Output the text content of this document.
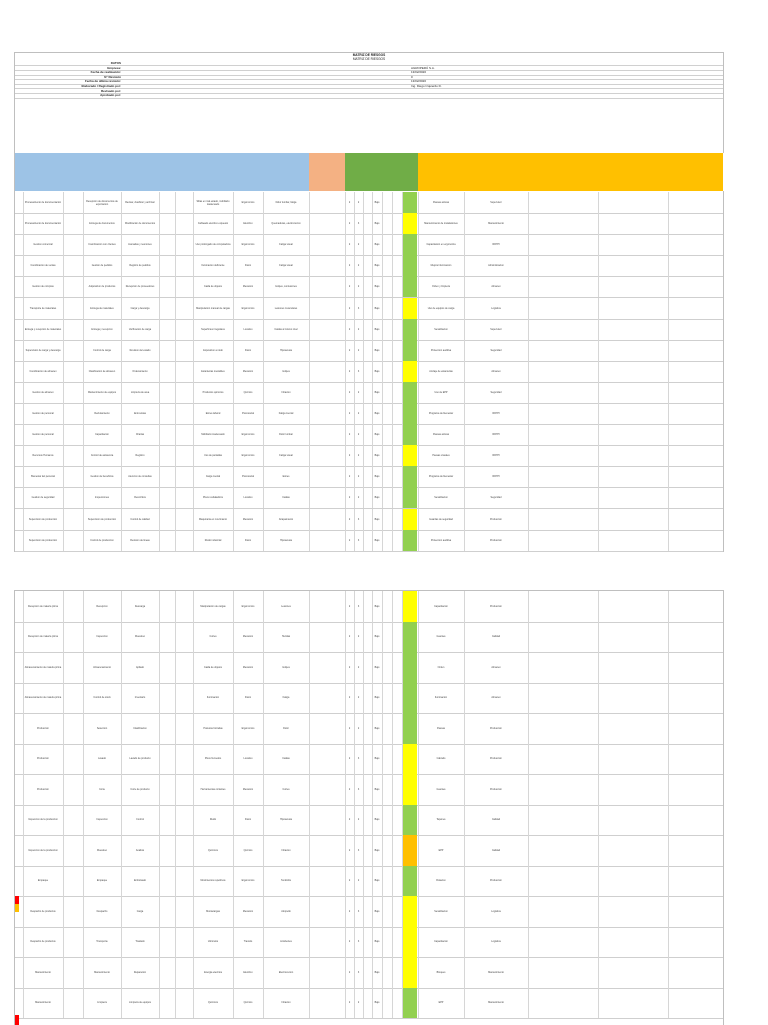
MATRIZ DE RIESGOS
MATRIZ DE RIESGOS
DATOS
Empresa:	AGROPERÚ S.A.
Fecha de realización:	13/02/2020
N° Revisión	0
Fecha de última revisión:	13/02/2020
Elaborado / Registrado por:	Ing. Diego Izquierdo D.
Revisado por:
Aprobado por:
Procesamiento de documentacion	Recepcion de documentos de exportacion	Revisar, clasificar y archivar	Sillas en mal estado, mobiliario inadecuado	Ergonomico	Dolor lumbar, fatiga	2	2	Bajo	Pausas activas	Supervisor
Procesamiento de documentacion	Entrega de documentos	Movilizacion de documentos	Cableado electrico expuesto	Electrico	Quemaduras, electrocucion	2	3	Bajo	Mantenimiento de instalaciones	Mantenimiento
Gestion comercial	Coordinacion con clientes	Llamadas y reuniones	Uso prolongado de computadora	Ergonomico	Fatiga visual	2	2	Bajo	Capacitacion en ergonomia	RRHH
Coordinacion de ventas	Gestion de pedidos	Registro de pedidos	Iluminacion deficiente	Fisico	Fatiga visual	2	2	Bajo	Mejorar iluminacion	Administracion
Gestion de compras	Adquisicion de productos	Recepcion de proveedores	Caida de objetos	Mecanico	Golpes, contusiones	2	2	Bajo	Orden y limpieza	Almacen
Transporte de materiales	Entrega de materiales	Carga y descarga	Manipulacion manual de cargas	Ergonomico	Lesiones musculares	2	3	Bajo	Uso de equipos de carga	Logistica
Entrega y recepcion de materiales	Entrega y recepcion	Verificacion de carga	Superficies irregulares	Locativo	Caidas al mismo nivel	2	2	Bajo	Senalizacion	Supervisor
Supervision de carga y descarga	Control de carga	Revision del estado	Exposicion a ruido	Fisico	Hipoacusia	2	2	Bajo	Proteccion auditiva	Seguridad
Coordinacion de almacen	Clasificacion de almacen	Ordenamiento	Estanterias inestables	Mecanico	Golpes	2	3	Bajo	Anclaje de estanterias	Almacen
Gestion de almacen	Mantenimiento de equipos	Limpieza de area	Productos quimicos	Quimico	Irritacion	2	2	Bajo	Uso de EPP	Seguridad
Gestion de personal	Reclutamiento	Entrevistas	Estres laboral	Psicosocial	Fatiga mental	2	2	Bajo	Programa de bienestar	RRHH
Gestion de personal	Capacitacion	Charlas	Mobiliario inadecuado	Ergonomico	Dolor lumbar	2	2	Bajo	Pausas activas	RRHH
Recursos Humanos	Control de asistencia	Registro	Uso de pantallas	Ergonomico	Fatiga visual	2	2	Bajo	Pausas visuales	RRHH
Bienestar del personal	Gestion de beneficios	Atencion de consultas	Carga mental	Psicosocial	Estres	2	2	Bajo	Programa de bienestar	RRHH
Gestion de seguridad	Inspecciones	Recorridos	Pisos resbaladizos	Locativo	Caidas	2	2	Bajo	Senalizacion	Seguridad
Supervision de produccion	Supervision de produccion	Control de calidad	Maquinaria en movimiento	Mecanico	Atrapamiento	2	3	Bajo	Guardas de seguridad	Produccion
Supervision de produccion	Control de produccion	Revision de lineas	Ruido industrial	Fisico	Hipoacusia	2	3	Bajo	Proteccion auditiva	Produccion
Recepcion de materia prima	Recepcion	Descarga	Manipulacion de cargas	Ergonomico	Lesiones	2	3	Bajo	Capacitacion	Produccion
Recepcion de materia prima	Inspeccion	Muestreo	Cortes	Mecanico	Heridas	2	2	Bajo	Guantes	Calidad
Almacenamiento de materia prima	Almacenamiento	Apilado	Caida de objetos	Mecanico	Golpes	2	2	Bajo	Orden	Almacen
Almacenamiento de materia prima	Control de stock	Inventario	Iluminacion	Fisico	Fatiga	2	2	Bajo	Iluminacion	Almacen
Produccion	Seleccion	Clasificacion	Posturas forzadas	Ergonomico	Dolor	2	2	Bajo	Pausas	Produccion
Produccion	Lavado	Lavado de producto	Pisos humedos	Locativo	Caidas	2	3	Bajo	Calzado	Produccion
Produccion	Corte	Corte de producto	Herramientas cortantes	Mecanico	Cortes	2	3	Bajo	Guantes	Produccion
Inspeccion de la produccion	Inspeccion	Control	Ruido	Fisico	Hipoacusia	2	2	Bajo	Tapones	Calidad
Inspeccion de la produccion	Muestreo	Analisis	Quimicos	Quimico	Irritacion	2	3	Bajo	EPP	Calidad
Empaque	Empaque	Embolsado	Movimientos repetitivos	Ergonomico	Tendinitis	2	2	Bajo	Rotacion	Produccion
Despacho de productos	Despacho	Carga	Montacargas	Mecanico	Atropello	2	3	Bajo	Senalizacion	Logistica
Despacho de productos	Transporte	Traslado	Vehiculos	Transito	Accidentes	2	3	Bajo	Capacitacion	Logistica
Mantenimiento	Mantenimiento	Reparacion	Energia electrica	Electrico	Electrocucion	2	3	Bajo	Bloqueo	Mantenimiento
Mantenimiento	Limpieza	Limpieza de equipos	Quimicos	Quimico	Irritacion	2	2	Bajo	EPP	Mantenimiento
